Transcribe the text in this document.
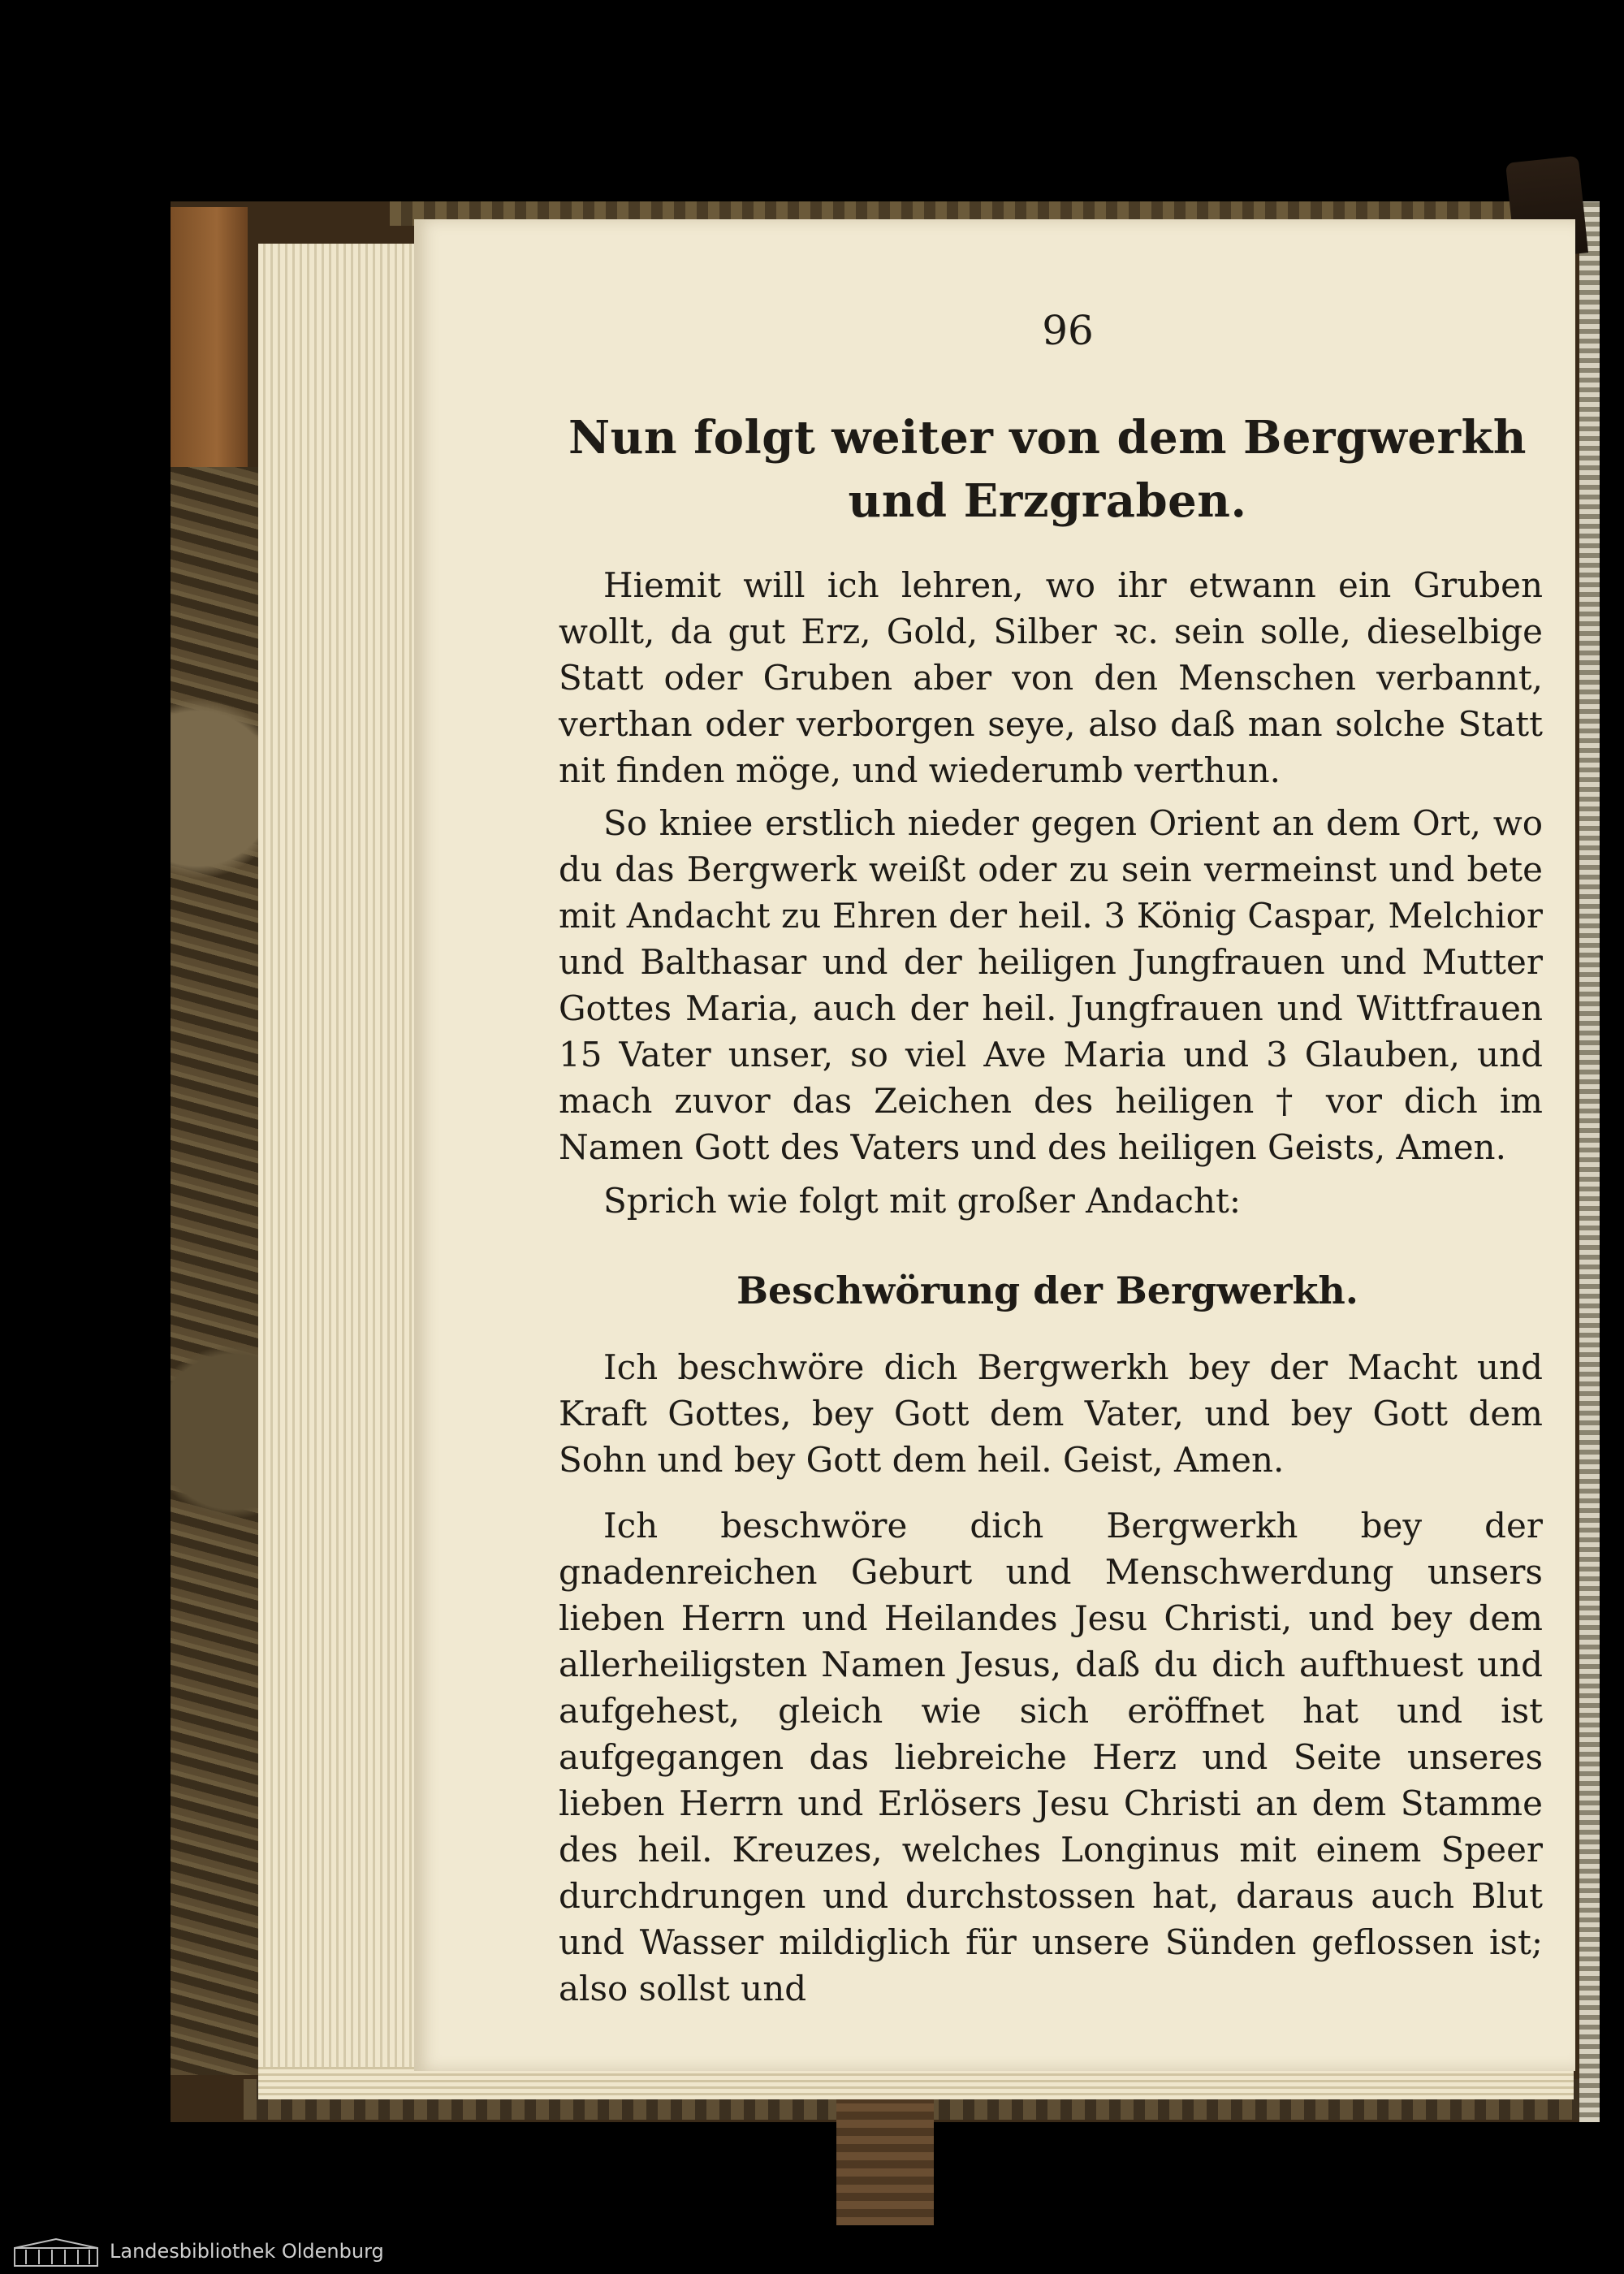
96
Nun folgt weiter von dem Bergwerkh und Erzgraben.
Hiemit will ich lehren, wo ihr etwann ein Gruben wollt, da gut Erz, Gold, Silber ꝛc. sein solle, dieselbige Statt oder Gruben aber von den Menschen verbannt, verthan oder verborgen seye, also daß man solche Statt nit finden möge, und wiederumb verthun.
So kniee erstlich nieder gegen Orient an dem Ort, wo du das Bergwerk weißt oder zu sein vermeinst und bete mit Andacht zu Ehren der heil. 3 König Caspar, Melchior und Balthasar und der heiligen Jungfrauen und Mutter Gottes Maria, auch der heil. Jungfrauen und Wittfrauen 15 Vater unser, so viel Ave Maria und 3 Glauben, und mach zuvor das Zeichen des heiligen † vor dich im Namen Gott des Vaters und des heiligen Geists, Amen.
Sprich wie folgt mit großer Andacht:
Beschwörung der Bergwerkh.
Ich beschwöre dich Bergwerkh bey der Macht und Kraft Gottes, bey Gott dem Vater, und bey Gott dem Sohn und bey Gott dem heil. Geist, Amen.
Ich beschwöre dich Bergwerkh bey der gnadenreichen Geburt und Menschwerdung unsers lieben Herrn und Heilandes Jesu Christi, und bey dem allerheiligsten Namen Jesus, daß du dich aufthuest und aufgehest, gleich wie sich eröffnet hat und ist aufgegangen das liebreiche Herz und Seite unseres lieben Herrn und Erlösers Jesu Christi an dem Stamme des heil. Kreuzes, welches Longinus mit einem Speer durchdrungen und durchstossen hat, daraus auch Blut und Wasser mildiglich für unsere Sünden geflossen ist; also sollst und
Landesbibliothek Oldenburg
